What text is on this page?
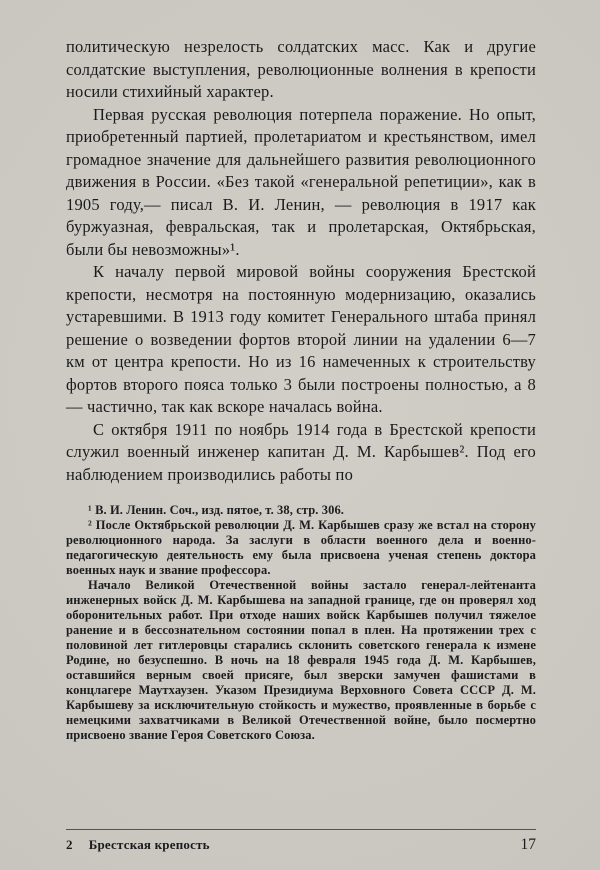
политическую незрелость солдатских масс. Как и другие солдатские выступления, революционные волнения в крепости носили стихийный характер.

Первая русская революция потерпела поражение. Но опыт, приобретенный партией, пролетариатом и крестьянством, имел громадное значение для дальнейшего развития революционного движения в России. «Без такой «генеральной репетиции», как в 1905 году,— писал В. И. Ленин, — революция в 1917 как буржуазная, февральская, так и пролетарская, Октябрьская, были бы невозможны»¹.

К началу первой мировой войны сооружения Брестской крепости, несмотря на постоянную модернизацию, оказались устаревшими. В 1913 году комитет Генерального штаба принял решение о возведении фортов второй линии на удалении 6—7 км от центра крепости. Но из 16 намеченных к строительству фортов второго пояса только 3 были построены полностью, а 8 — частично, так как вскоре началась война.

С октября 1911 по ноябрь 1914 года в Брестской крепости служил военный инженер капитан Д. М. Карбышев². Под его наблюдением производились работы по

¹ В. И. Ленин. Соч., изд. пятое, т. 38, стр. 306.

² После Октябрьской революции Д. М. Карбышев сразу же встал на сторону революционного народа. За заслуги в области военного дела и военно-педагогическую деятельность ему была присвоена ученая степень доктора военных наук и звание профессора.

Начало Великой Отечественной войны застало генерал-лейтенанта инженерных войск Д. М. Карбышева на западной границе, где он проверял ход оборонительных работ. При отходе наших войск Карбышев получил тяжелое ранение и в бессознательном состоянии попал в плен. На протяжении трех с половиной лет гитлеровцы старались склонить советского генерала к измене Родине, но безуспешно. В ночь на 18 февраля 1945 года Д. М. Карбышев, оставшийся верным своей присяге, был зверски замучен фашистами в концлагере Маутхаузен. Указом Президиума Верховного Совета СССР Д. М. Карбышеву за исключительную стойкость и мужество, проявленные в борьбе с немецкими захватчиками в Великой Отечественной войне, было посмертно присвоено звание Героя Советского Союза.

2 Брестская крепость	17
